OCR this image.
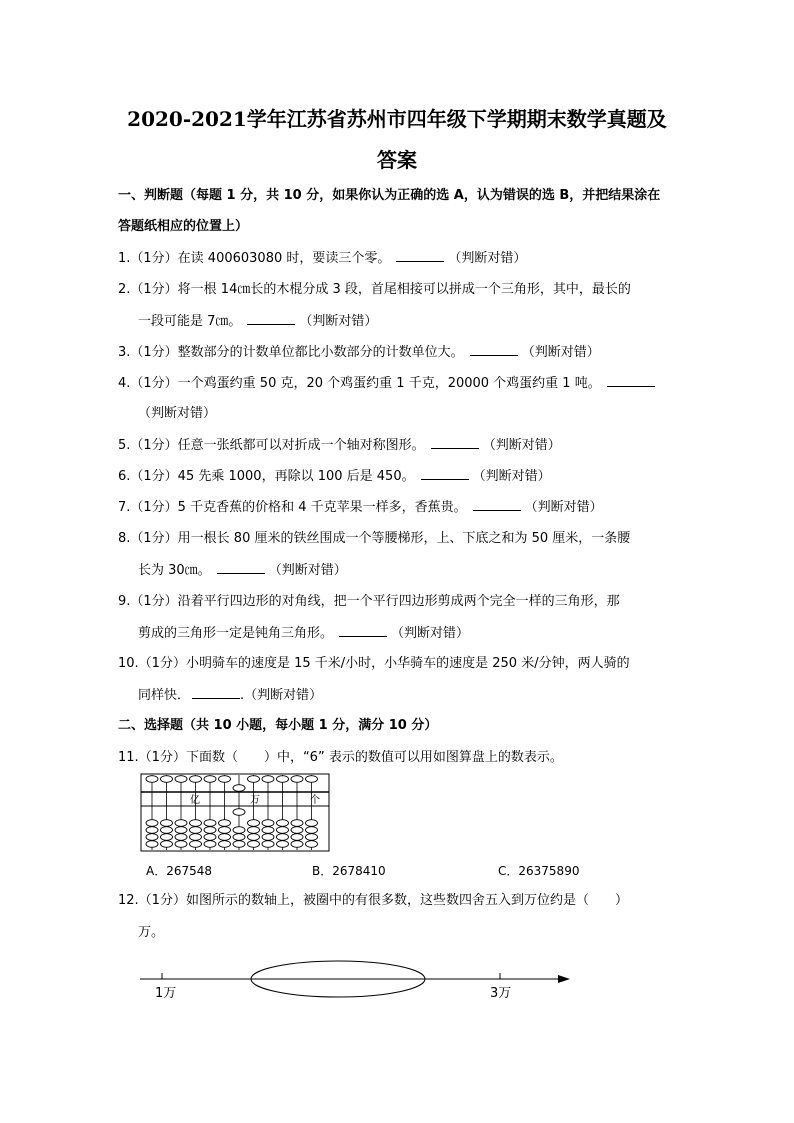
2020-2021学年江苏省苏州市四年级下学期期末数学真题及
答案
一、判断题（每题 1 分，共 10 分，如果你认为正确的选 A，认为错误的选 B，并把结果涂在
答题纸相应的位置上）
1.（1分）在读 400603080 时，要读三个零。	（判断对错）
2.（1分）将一根 14㎝长的木棍分成 3 段，首尾相接可以拼成一个三角形，其中，最长的
一段可能是 7㎝。	（判断对错）
3.（1分）整数部分的计数单位都比小数部分的计数单位大。	（判断对错）
4.（1分）一个鸡蛋约重 50 克，20 个鸡蛋约重 1 千克，20000 个鸡蛋约重 1 吨。
（判断对错）
5.（1分）任意一张纸都可以对折成一个轴对称图形。	（判断对错）
6.（1分）45 先乘 1000，再除以 100 后是 450。	（判断对错）
7.（1分）5 千克香蕉的价格和 4 千克苹果一样多，香蕉贵。	（判断对错）
8.（1分）用一根长 80 厘米的铁丝围成一个等腰梯形，上、下底之和为 50 厘米，一条腰
长为 30㎝。	（判断对错）
9.（1分）沿着平行四边形的对角线，把一个平行四边形剪成两个完全一样的三角形，那
剪成的三角形一定是钝角三角形。	（判断对错）
10.（1分）小明骑车的速度是 15 千米/小时，小华骑车的速度是 250 米/分钟，两人骑的
同样快．	.（判断对错）
二、选择题（共 10 小题，每小题 1 分，满分 10 分）
11.（1分）下面数（　　）中，“6” 表示的数值可以用如图算盘上的数表示。
亿	万	个
A．267548	B．2678410	C．26375890
12.（1分）如图所示的数轴上，被圈中的有很多数，这些数四舍五入到万位约是（　　）
万。
1万	3万
